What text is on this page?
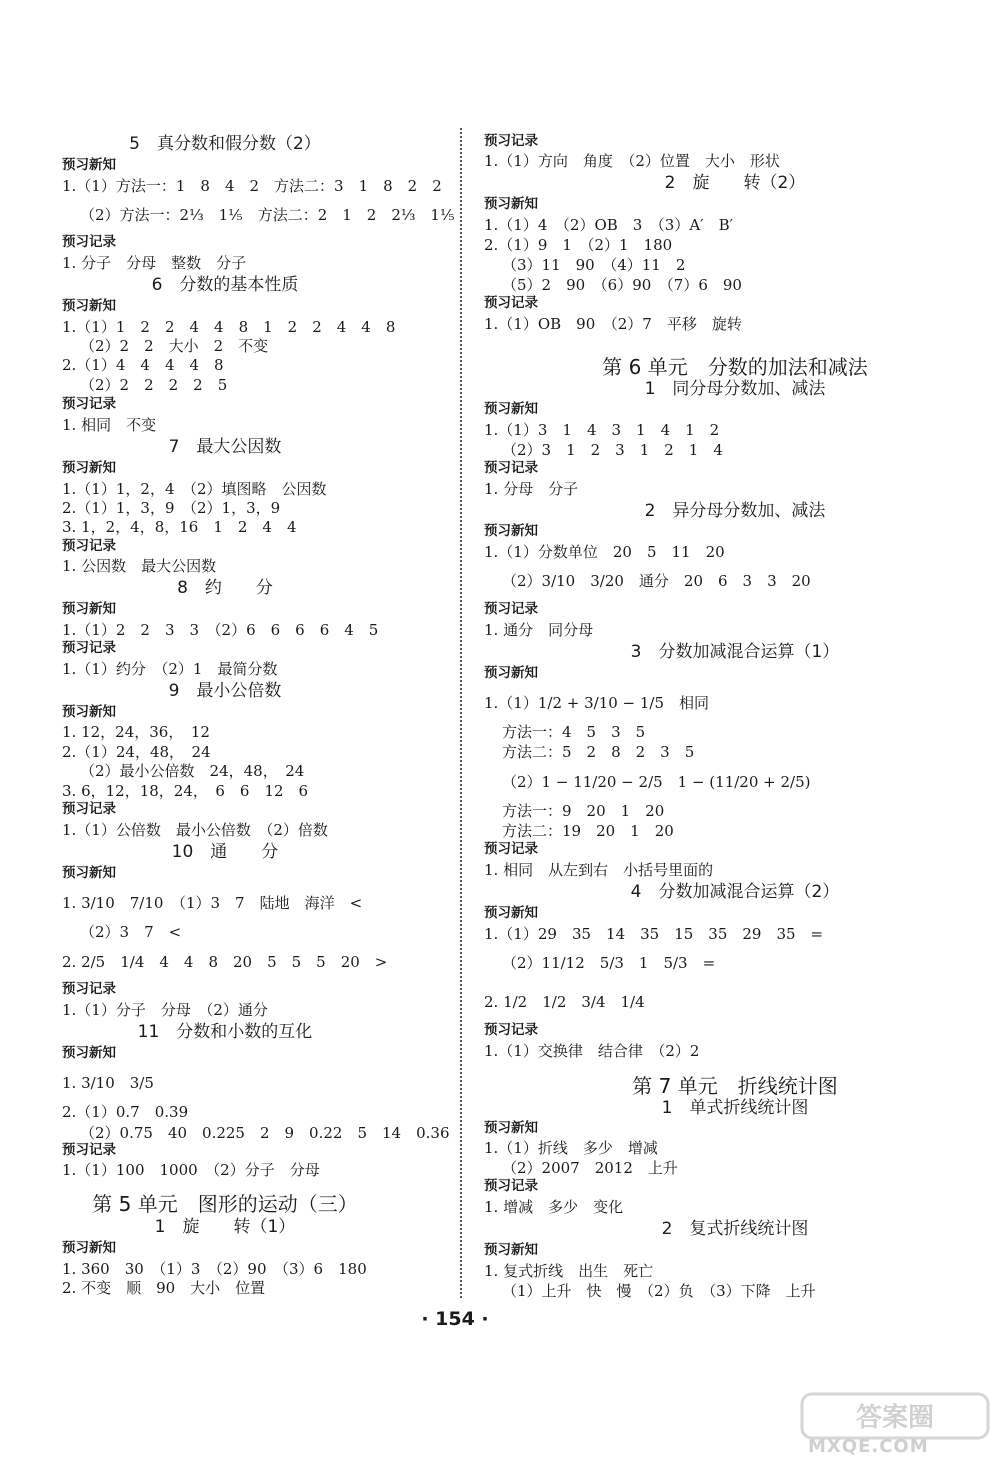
5　真分数和假分数（2）
预习新知
1.（1）方法一：1　8　4　2　方法二：3　1　8　2　2
（2）方法一：2⅓　1⅕　方法二：2　1　2　2⅓　1⅕
预习记录
1. 分子　分母　整数　分子
6　分数的基本性质
预习新知
1.（1）1　2　2　4　4　8　1　2　2　4　4　8
（2）2　2　大小　2　不变
2.（1）4　4　4　4　8
（2）2　2　2　2　5
预习记录
1. 相同　不变
7　最大公因数
预习新知
1.（1）1，2，4　（2）填图略　公因数
2.（1）1，3，9　（2）1，3，9
3. 1，2，4，8，16　1　2　4　4
预习记录
1. 公因数　最大公因数
8　约　　分
预习新知
1.（1）2　2　3　3　（2）6　6　6　6　4　5
预习记录
1.（1）约分　（2）1　最简分数
9　最小公倍数
预习新知
1. 12，24，36，　12
2.（1）24，48，　24
（2）最小公倍数　24，48，　24
3. 6，12，18，24，　6　6　12　6
预习记录
1.（1）公倍数　最小公倍数　（2）倍数
10　通　　分
预习新知
1. 3/10　7/10　（1）3　7　陆地　海洋　<
（2）3　7　<
2. 2/5　1/4　4　4　8　20　5　5　5　20　>
预习记录
1.（1）分子　分母　（2）通分
11　分数和小数的互化
预习新知
1. 3/10　3/5
2.（1）0.7　0.39
（2）0.75　40　0.225　2　9　0.22　5　14　0.36
预习记录
1.（1）100　1000　（2）分子　分母
第 5 单元　图形的运动（三）
1　旋　　转（1）
预习新知
1. 360　30　（1）3　（2）90　（3）6　180
2. 不变　顺　90　大小　位置
预习记录
1.（1）方向　角度　（2）位置　大小　形状
2　旋　　转（2）
预习新知
1.（1）4　（2）OB　3　（3）A′　B′
2.（1）9　1　（2）1　180
（3）11　90　（4）11　2
（5）2　90　（6）90　（7）6　90
预习记录
1.（1）OB　90　（2）7　平移　旋转
第 6 单元　分数的加法和减法
1　同分母分数加、减法
预习新知
1.（1）3　1　4　3　1　4　1　2
（2）3　1　2　3　1　2　1　4
预习记录
1. 分母　分子
2　异分母分数加、减法
预习新知
1.（1）分数单位　20　5　11　20
（2）3/10　3/20　通分　20　6　3　3　20
预习记录
1. 通分　同分母
3　分数加减混合运算（1）
预习新知
1.（1）1/2 + 3/10 − 1/5　相同
方法一：4　5　3　5
方法二：5　2　8　2　3　5
（2）1 − 11/20 − 2/5　1 − (11/20 + 2/5)
方法一：9　20　1　20
方法二：19　20　1　20
预习记录
1. 相同　从左到右　小括号里面的
4　分数加减混合运算（2）
预习新知
1.（1）29　35　14　35　15　35　29　35　=
（2）11/12　5/3　1　5/3　=
2. 1/2　1/2　3/4　1/4
预习记录
1.（1）交换律　结合律　（2）2
第 7 单元　折线统计图
1　单式折线统计图
预习新知
1.（1）折线　多少　增减
（2）2007　2012　上升
预习记录
1. 增减　多少　变化
2　复式折线统计图
预习新知
1. 复式折线　出生　死亡
（1）上升　快　慢　（2）负　（3）下降　上升
· 154 ·
答案圈
MXQE.COM
